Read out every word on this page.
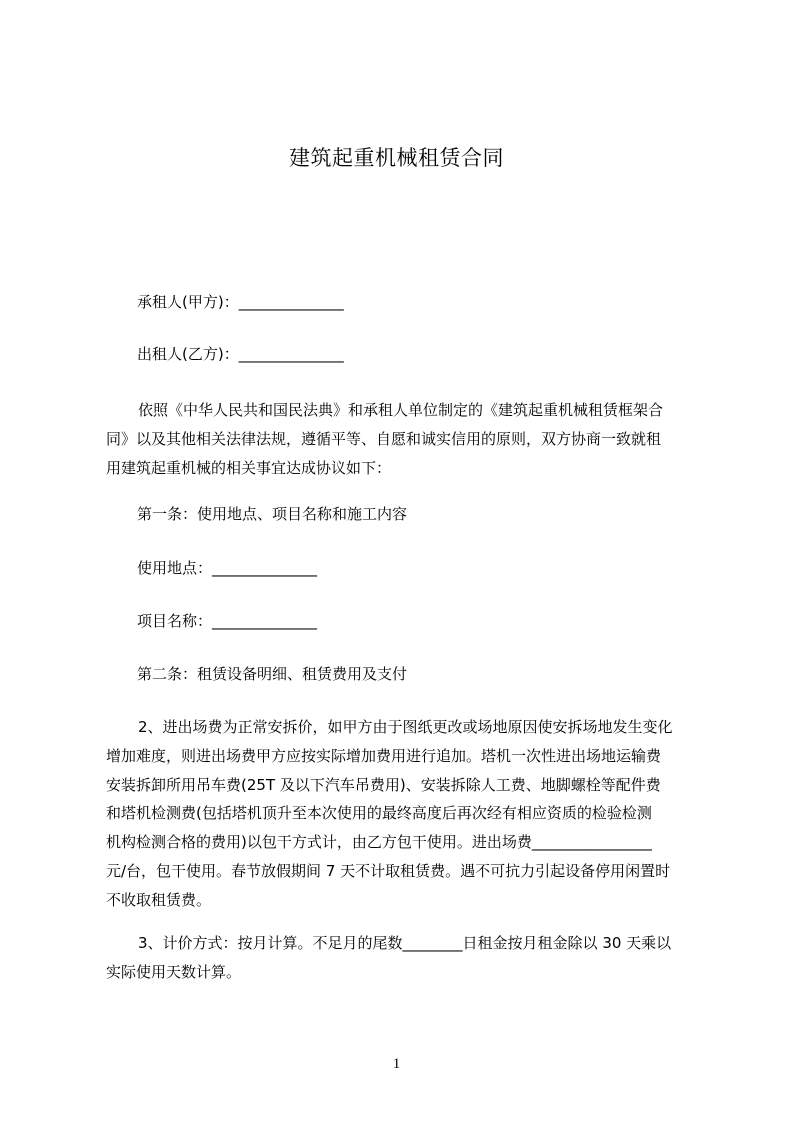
建筑起重机械租赁合同
承租人(甲方)：______________
出租人(乙方)：______________
依照《中华人民共和国民法典》和承租人单位制定的《建筑起重机械租赁框架合
同》以及其他相关法律法规，遵循平等、自愿和诚实信用的原则，双方协商一致就租
用建筑起重机械的相关事宜达成协议如下：
第一条：使用地点、项目名称和施工内容
使用地点：______________
项目名称：______________
第二条：租赁设备明细、租赁费用及支付
2、进出场费为正常安拆价，如甲方由于图纸更改或场地原因使安拆场地发生变化
增加难度，则进出场费甲方应按实际增加费用进行追加。塔机一次性进出场地运输费
安装拆卸所用吊车费(25T 及以下汽车吊费用)、安装拆除人工费、地脚螺栓等配件费
和塔机检测费(包括塔机顶升至本次使用的最终高度后再次经有相应资质的检验检测
机构检测合格的费用)以包干方式计，由乙方包干使用。进出场费________________
元/台，包干使用。春节放假期间 7 天不计取租赁费。遇不可抗力引起设备停用闲置时
不收取租赁费。
3、计价方式：按月计算。不足月的尾数________日租金按月租金除以 30 天乘以
实际使用天数计算。
1
